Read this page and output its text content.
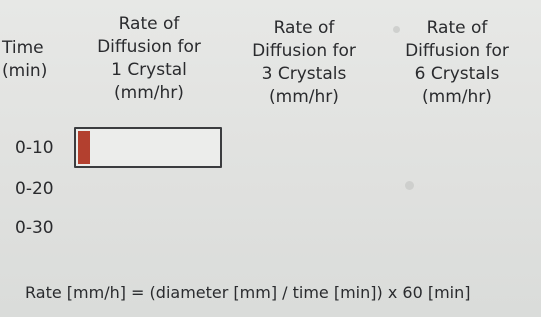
Time
(min)
Rate of
Diffusion for
1 Crystal
(mm/hr)
Rate of
Diffusion for
3 Crystals
(mm/hr)
Rate of
Diffusion for
6 Crystals
(mm/hr)
0-10
0-20
0-30
Rate [mm/h] = (diameter [mm] / time [min]) x 60 [min]
